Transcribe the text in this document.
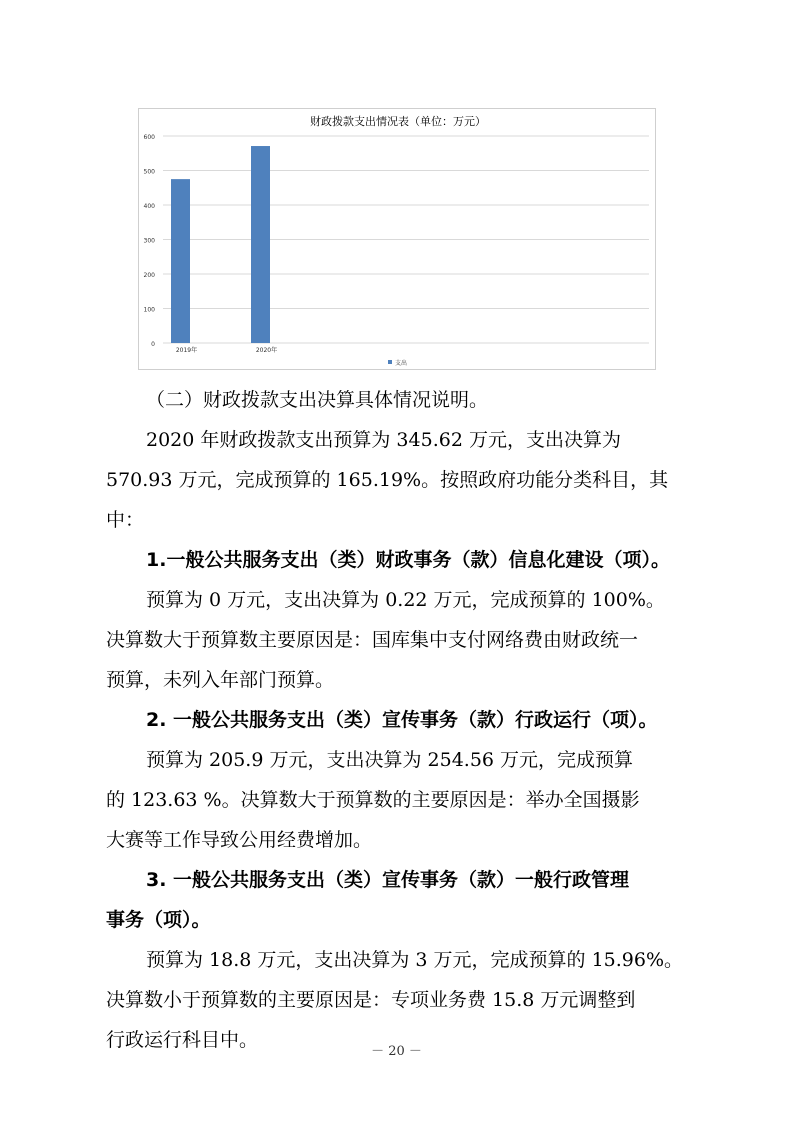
财政拨款支出情况表（单位：万元）
0
100
200
300
400
500
600
2019年	2020年
支出
（二）财政拨款支出决算具体情况说明。
2020 年财政拨款支出预算为 345.62 万元，支出决算为
570.93 万元，完成预算的 165.19%。按照政府功能分类科目，其
中：
1.一般公共服务支出（类）财政事务（款）信息化建设（项）。
预算为 0 万元，支出决算为 0.22 万元，完成预算的 100%。
决算数大于预算数主要原因是：国库集中支付网络费由财政统一
预算，未列入年部门预算。
2. 一般公共服务支出（类）宣传事务（款）行政运行（项）。
预算为 205.9 万元，支出决算为 254.56 万元，完成预算
的 123.63 %。决算数大于预算数的主要原因是：举办全国摄影
大赛等工作导致公用经费增加。
3. 一般公共服务支出（类）宣传事务（款）一般行政管理
事务（项）。
预算为 18.8 万元，支出决算为 3 万元，完成预算的 15.96%。
决算数小于预算数的主要原因是：专项业务费 15.8 万元调整到
行政运行科目中。
－ 20 －
